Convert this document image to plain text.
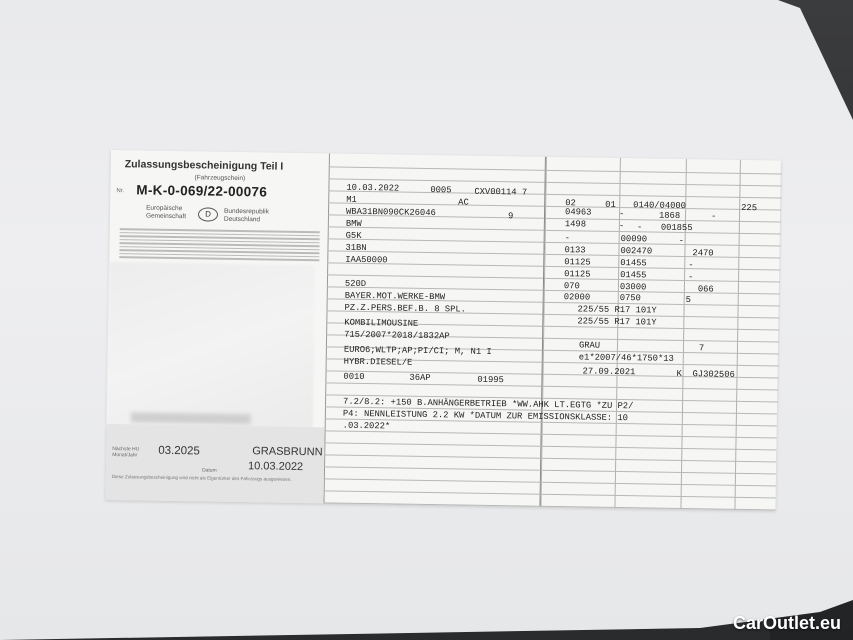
Zulassungsbescheinigung Teil I
(Fahrzeugschein)
Nr. M-K-0-069/22-00076
Europäische Gemeinschaft	D	Bundesrepublik Deutschland
Nächste HU Monat/Jahr	03.2025	GRASBRUNN
10.03.2022
Datum
Diese Zulassungsbescheinigung wird nicht als Eigentümer des Fahrzeugs ausgewiesen.
10.03.2022	0005	CXV00114 7
M1	AC
WBA31BN090CK26046	9
BMW
G5K
31BN
IAA50000
520D
BAYER.MOT.WERKE-BMW
PZ.Z.PERS.BEF.B. 8 SPL.
KOMBILIMOUSINE
715/2007*2018/1832AP
EURO6;WLTP;AP;PI/CI; M, N1 I
HYBR.DIESEL/E
0010	36AP	01995
02	01 0140/04000	225
04963	-	1868	-
1498	-	001855
-
-	00090	-
0133	002470	2470
01125	01455	-
01125	01455	-
070	03000	066
02000	0750	5
225/55 R17 101Y
225/55 R17 101Y
GRAU	7
e1*2007/46*1750*13
27.09.2021	K GJ302506
7.2/8.2: +150 B.ANHÄNGERBETRIEB *WW.AHK LT.EGTG *ZU P2/
P4: NENNLEISTUNG 2.2 KW *DATUM ZUR EMISSIONSKLASSE: 10
.03.2022*
CarOutlet.eu
